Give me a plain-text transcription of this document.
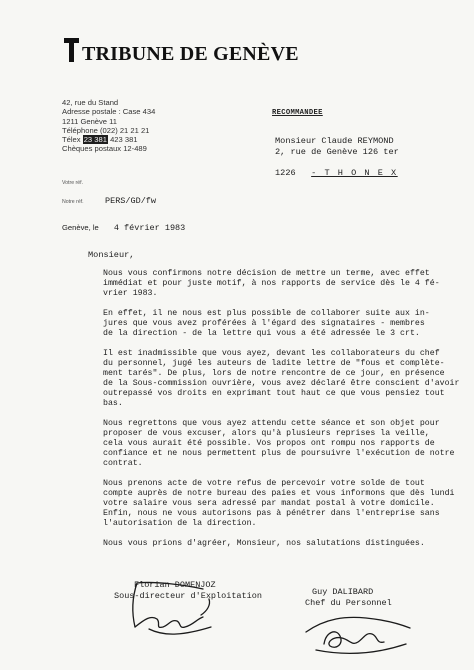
TRIBUNE DE GENÈVE
42, rue du Stand
Adresse postale : Case 434
1211 Genève 11
Téléphone (022) 21 21 21
Télex 23 381 423 381
Chèques postaux 12-489
RECOMMANDEE
Monsieur Claude REYMOND
2, rue de Genève 126 ter
1226 - T H O N E X
Votre réf.
Notre réf.	PERS/GD/fw
Genève, le 4 février 1983
Monsieur,

Nous vous confirmons notre décision de mettre un terme, avec effet
immédiat et pour juste motif, à nos rapports de service dès le 4 fé-
vrier 1983.

En effet, il ne nous est plus possible de collaborer suite aux in-
jures que vous avez proférées à l'égard des signataires - membres
de la direction - de la lettre qui vous a été adressée le 3 crt.

Il est inadmissible que vous ayez, devant les collaborateurs du chef
du personnel, jugé les auteurs de ladite lettre de "fous et complète-
ment tarés". De plus, lors de notre rencontre de ce jour, en présence
de la Sous-commission ouvrière, vous avez déclaré être conscient d'avoir
outrepassé vos droits en exprimant tout haut ce que vous pensiez tout
bas.

Nous regrettons que vous ayez attendu cette séance et son objet pour
proposer de vous excuser, alors qu'à plusieurs reprises la veille,
cela vous aurait été possible. Vos propos ont rompu nos rapports de
confiance et ne nous permettent plus de poursuivre l'exécution de notre
contrat.

Nous prenons acte de votre refus de percevoir votre solde de tout
compte auprès de notre bureau des paies et vous informons que dès lundi
votre salaire vous sera adressé par mandat postal à votre domicile.
Enfin, nous ne vous autorisons pas à pénétrer dans l'entreprise sans
l'autorisation de la direction.

Nous vous prions d'agréer, Monsieur, nos salutations distinguées.

Florian DOMENJOZ
Sous-directeur d'Exploitation	Guy DALIBARD
Chef du Personnel
